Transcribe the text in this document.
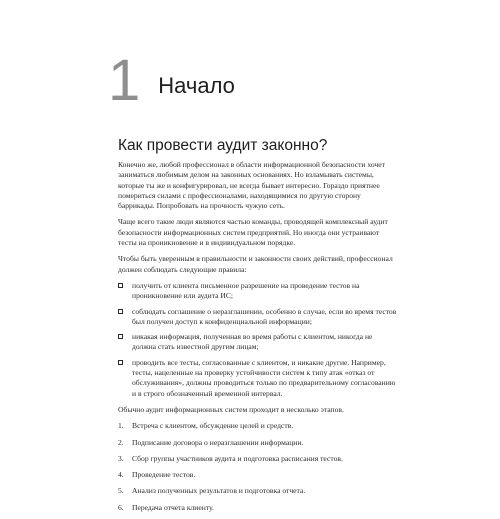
1 Начало
Как провести аудит законно?

Конечно же, любой профессионал в области информационной безопасности хочет заниматься любимым делом на законных основаниях. Но взламывать системы, которые ты же и конфигурировал, не всегда бывает интересно. Гораздо приятнее помериться силами с профессионалами, находящимися по другую сторону баррикады. Попробовать на прочность чужую сеть.

Чаще всего такие люди являются частью команды, проводящей комплексный аудит безопасности информационных систем предприятий. Но иногда они устраивают тесты на проникновение и в индивидуальном порядке.

Чтобы быть уверенным в правильности и законности своих действий, профессионал должен соблюдать следующие правила:

получить от клиента письменное разрешение на проведение тестов на проникновение или аудита ИС;
соблюдать соглашение о неразглашении, особенно в случае, если во время тестов был получен доступ к конфиденциальной информации;
никакая информация, полученная во время работы с клиентом, никогда не должна стать известной другим лицам;
проводить все тесты, согласованные с клиентом, и никакие другие. Например, тесты, нацеленные на проверку устойчивости систем к типу атак «отказ от обслуживания», должны проводиться только по предварительному согласованию и в строго обозначенный временной интервал.

Обычно аудит информационных систем проходит в несколько этапов.

1.	Встреча с клиентом, обсуждение целей и средств.
2.	Подписание договора о неразглашении информации.
3.	Сбор группы участников аудита и подготовка расписания тестов.
4.	Проведение тестов.
5.	Анализ полученных результатов и подготовка отчета.
6.	Передача отчета клиенту.
